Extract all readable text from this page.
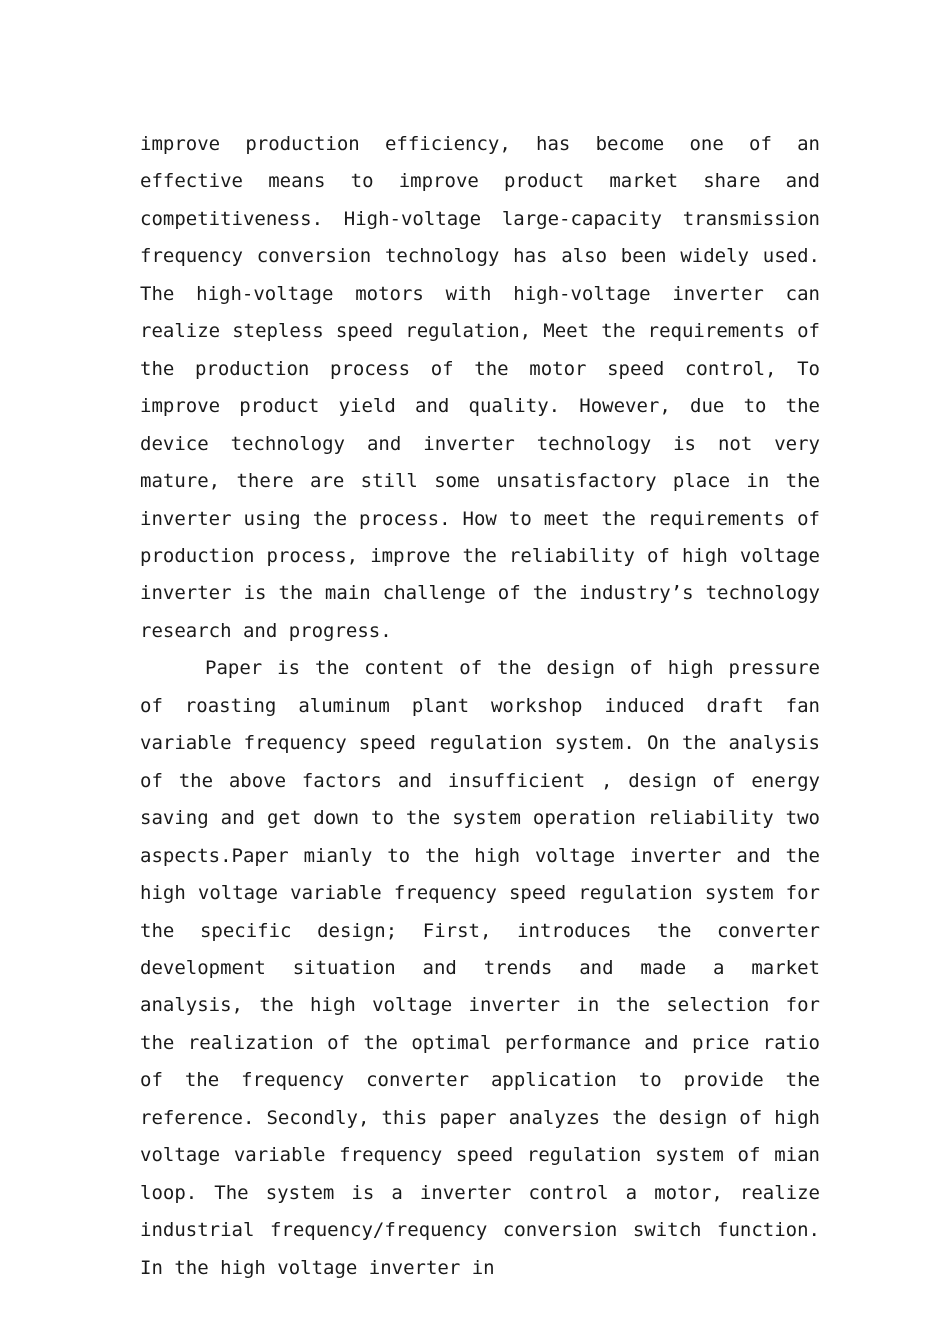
improve production efficiency, has become one of an effective means to improve product market share and competitiveness. High-voltage large-capacity transmission frequency conversion technology has also been widely used. The high-voltage motors with high-voltage inverter can realize stepless speed regulation, Meet the requirements of the production process of the motor speed control, To improve product yield and quality. However, due to the device technology and inverter technology is not very mature, there are still some unsatisfactory place in the inverter using the process. How to meet the requirements of production process, improve the reliability of high voltage inverter is the main challenge of the industry’s technology research and progress.

Paper is the content of the design of high pressure of roasting aluminum plant workshop induced draft fan variable frequency speed regulation system. On the analysis of the above factors and insufficient , design of energy saving and get down to the system operation reliability two aspects.Paper mianly to the high voltage inverter and the high voltage variable frequency speed regulation system for the specific design; First, introduces the converter development situation and trends and made a market analysis, the high voltage inverter in the selection for the realization of the optimal performance and price ratio of the frequency converter application to provide the reference. Secondly, this paper analyzes the design of high voltage variable frequency speed regulation system of mian loop. The system is a inverter control a motor, realize industrial frequency/frequency conversion switch function. In the high voltage inverter in
